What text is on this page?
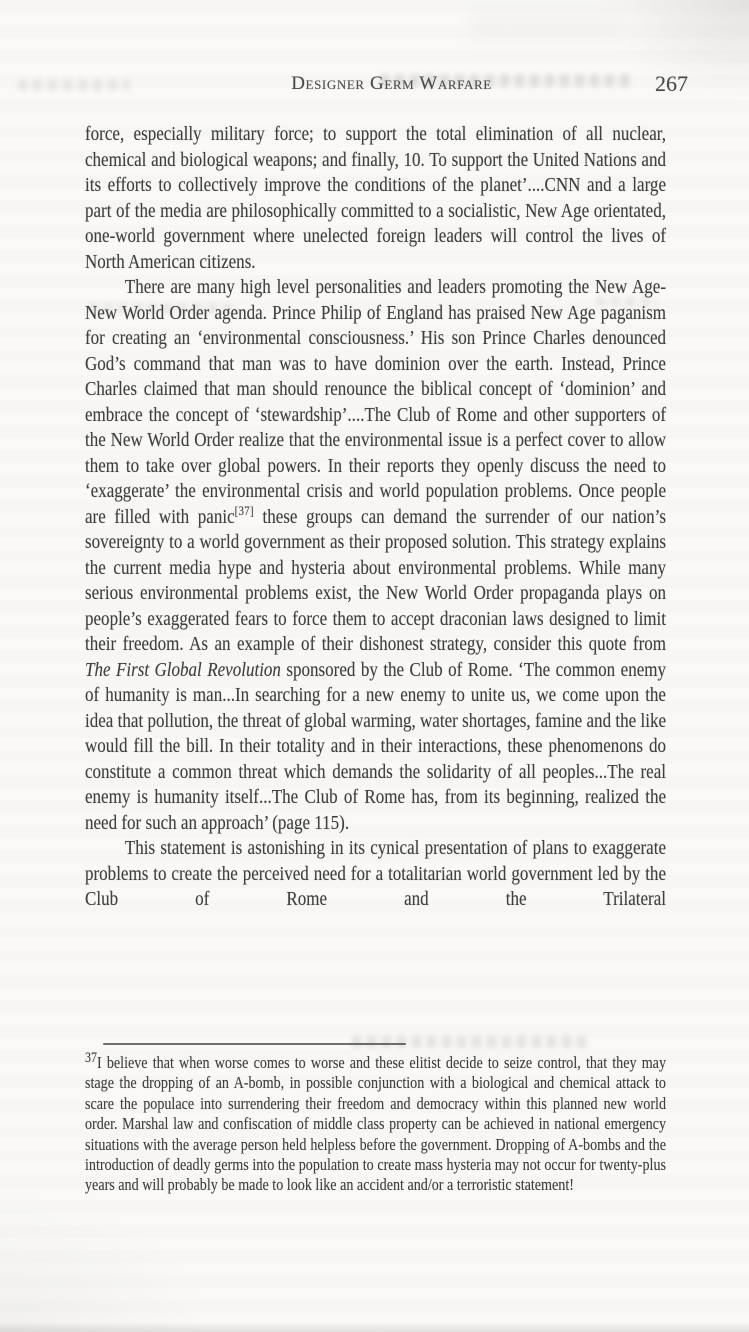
Designer Germ Warfare	267

force, especially military force; to support the total elimination of all nuclear, chemical and biological weapons; and finally, 10. To support the United Nations and its efforts to collectively improve the conditions of the planet’....CNN and a large part of the media are philosophically committed to a socialistic, New Age orientated, one-world government where unelected foreign leaders will control the lives of North American citizens.

There are many high level personalities and leaders promoting the New Age-New World Order agenda. Prince Philip of England has praised New Age paganism for creating an ‘environmental consciousness.’ His son Prince Charles denounced God’s command that man was to have dominion over the earth. Instead, Prince Charles claimed that man should renounce the biblical concept of ‘dominion’ and embrace the concept of ‘stewardship’....The Club of Rome and other supporters of the New World Order realize that the environmental issue is a perfect cover to allow them to take over global powers. In their reports they openly discuss the need to ‘exaggerate’ the environmental crisis and world population problems. Once people are filled with panic[37] these groups can demand the surrender of our nation’s sovereignty to a world government as their proposed solution. This strategy explains the current media hype and hysteria about environmental problems. While many serious environmental problems exist, the New World Order propaganda plays on people’s exaggerated fears to force them to accept draconian laws designed to limit their freedom. As an example of their dishonest strategy, consider this quote from The First Global Revolution sponsored by the Club of Rome. ‘The common enemy of humanity is man...In searching for a new enemy to unite us, we come upon the idea that pollution, the threat of global warming, water shortages, famine and the like would fill the bill. In their totality and in their interactions, these phenomenons do constitute a common threat which demands the solidarity of all peoples...The real enemy is humanity itself...The Club of Rome has, from its beginning, realized the need for such an approach’ (page 115).

This statement is astonishing in its cynical presentation of plans to exaggerate problems to create the perceived need for a totalitarian world government led by the Club of Rome and the Trilateral

$^{37}$I believe that when worse comes to worse and these elitist decide to seize control, that they may stage the dropping of an A-bomb, in possible conjunction with a biological and chemical attack to scare the populace into surrendering their freedom and democracy within this planned new world order. Marshal law and confiscation of middle class property can be achieved in national emergency situations with the average person held helpless before the government. Dropping of A-bombs and the introduction of deadly germs into the population to create mass hysteria may not occur for twenty-plus years and will probably be made to look like an accident and/or a terroristic statement!
